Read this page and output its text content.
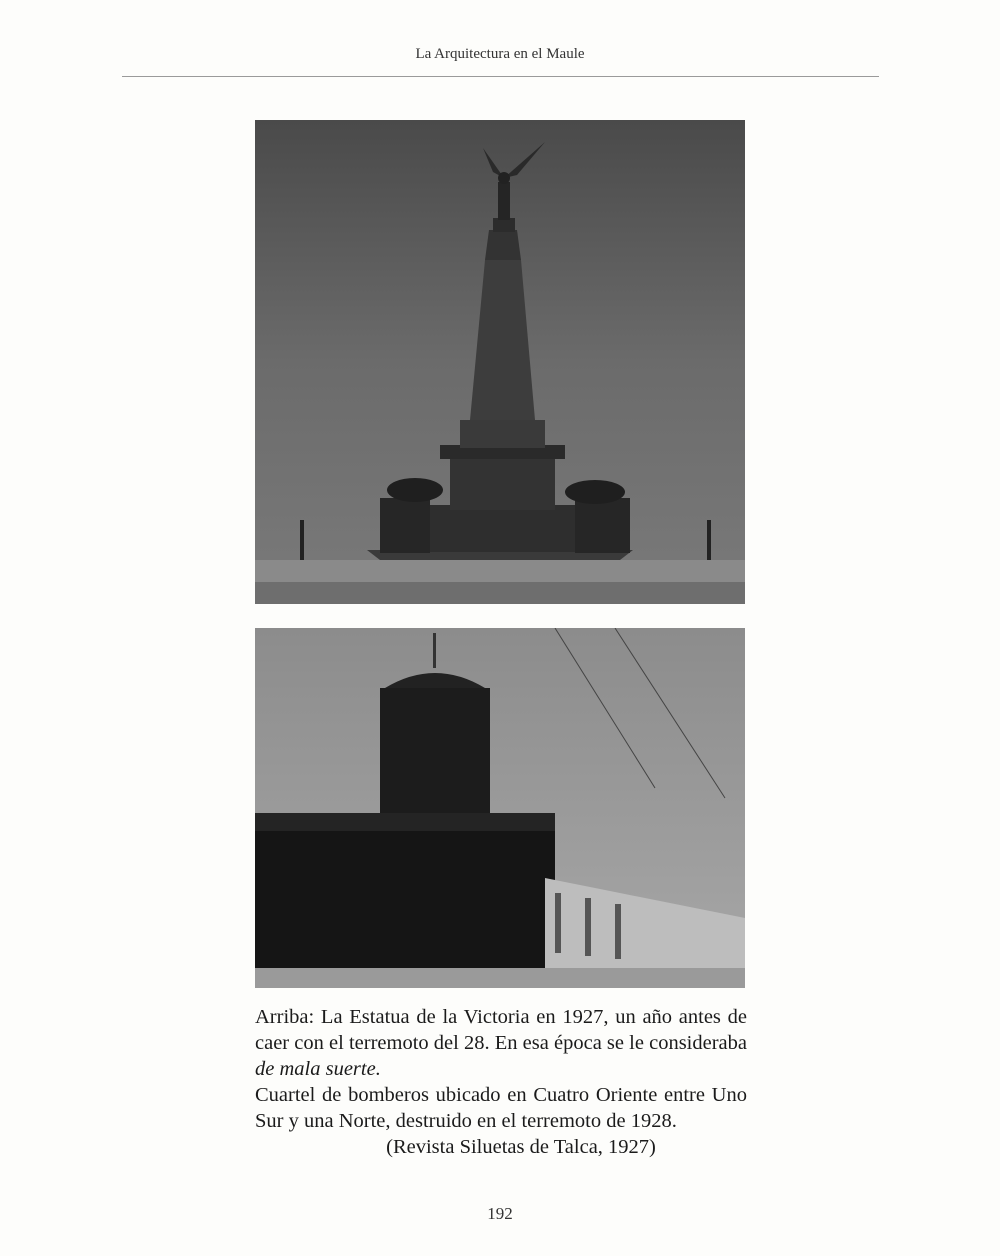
La Arquitectura en el Maule

Arriba: La Estatua de la Victoria en 1927, un año antes de

caer con el terremoto del 28. En esa época se le consideraba

de mala suerte.

Cuartel de bomberos ubicado en Cuatro Oriente entre Uno

Sur y una Norte, destruido en el terremoto de 1928.

(Revista Siluetas de Talca, 1927)

192
